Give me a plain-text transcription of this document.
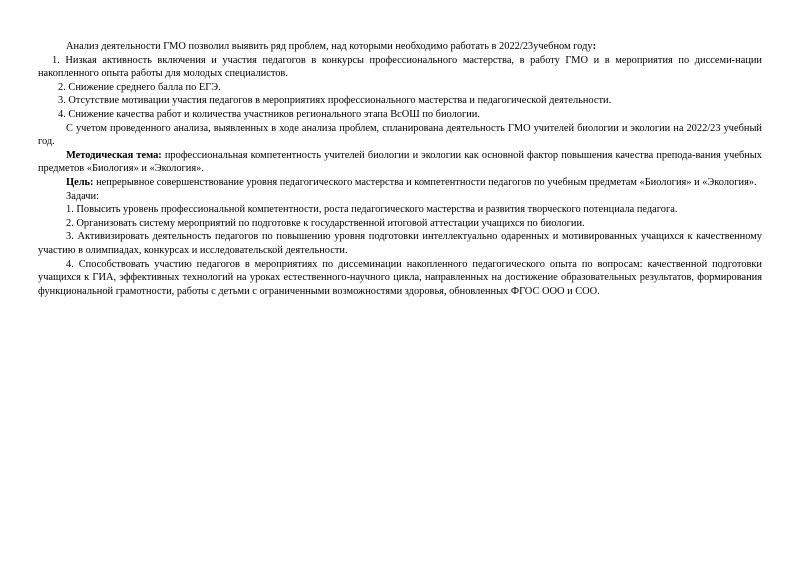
Анализ деятельности ГМО позволил выявить ряд проблем, над которыми необходимо работать в 2022/23учебном году:

1. Низкая активность включения и участия педагогов в конкурсы профессионального мастерства, в работу ГМО и в мероприятия по диссеми-нации накопленного опыта работы для молодых специалистов.

2. Снижение среднего балла по ЕГЭ.

3. Отсутствие мотивации участия педагогов в мероприятиях профессионального мастерства и педагогической деятельности.

4. Снижение качества работ и количества участников регионального этапа ВсОШ по биологии.

С учетом проведенного анализа, выявленных в ходе анализа проблем, спланирована деятельность ГМО учителей биологии и экологии на 2022/23 учебный год.

Методическая тема: профессиональная компетентность учителей биологии и экологии как основной фактор повышения качества препода-вания учебных предметов «Биология» и «Экология».

Цель: непрерывное совершенствование уровня педагогического мастерства и компетентности педагогов по учебным предметам «Биология» и «Экология».

Задачи:

1. Повысить уровень профессиональной компетентности, роста педагогического мастерства и развития творческого потенциала педагога.

2. Организовать систему мероприятий по подготовке к государственной итоговой аттестации учащихся по биологии.

3. Активизировать деятельность педагогов по повышению уровня подготовки интеллектуально одаренных и мотивированных учащихся к качественному участию в олимпиадах, конкурсах и исследовательской деятельности.

4. Способствовать участию педагогов в мероприятиях по диссеминации накопленного педагогического опыта по вопросам: качественной подготовки учащихся к ГИА, эффективных технологий на уроках естественного-научного цикла, направленных на достижение образовательных результатов, формирования функциональной грамотности, работы с детьми с ограниченными возможностями здоровья, обновленных ФГОС ООО и СОО.
